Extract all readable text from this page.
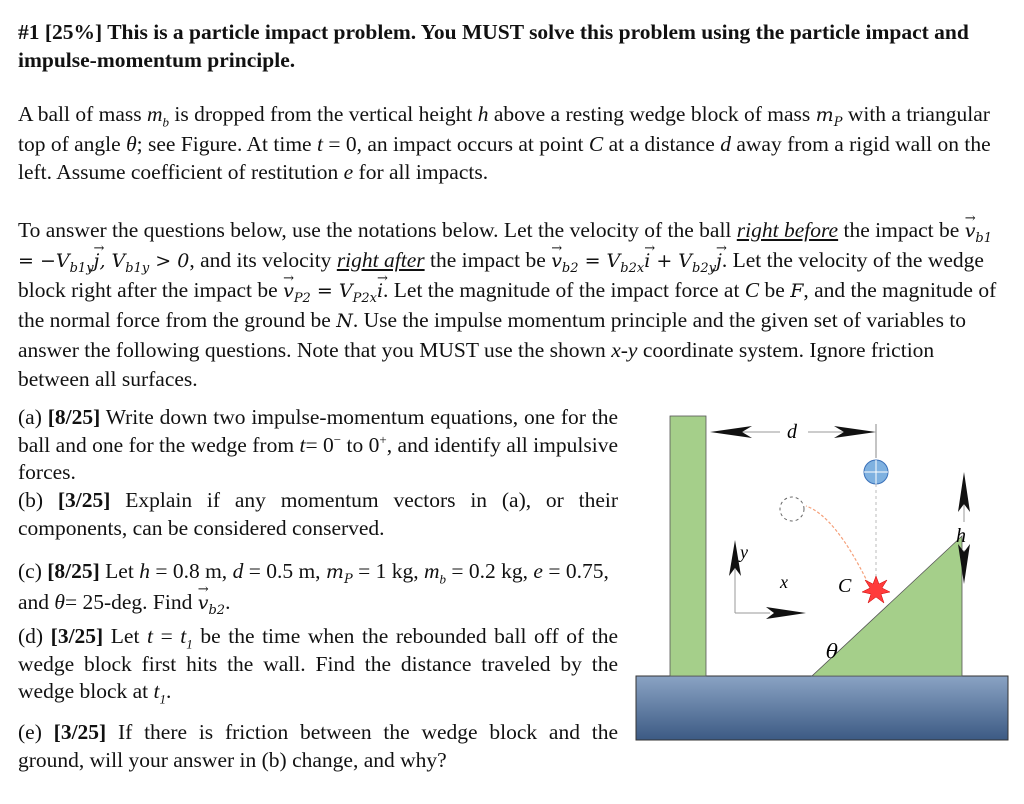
#1 [25%] This is a particle impact problem. You MUST solve this problem using the particle impact and impulse-momentum principle.
A ball of mass $m_b$ is dropped from the vertical height h above a resting wedge block of mass $m_P$ with a triangular top of angle θ; see Figure. At time t = 0, an impact occurs at point C at a distance d away from a rigid wall on the left. Assume coefficient of restitution e for all impacts.
To answer the questions below, use the notations below. Let the velocity of the ball right before the impact be → $v_{b1} = -V_{b1y}\to j$, $V_{b1y} > 0$, and its velocity right after the impact be → $v_{b2} = V_{b2x}\to i + V_{b2y}\to j$. Let the velocity of the wedge block right after the impact be → $v_{P2} = V_{P2x}\to i$. Let the magnitude of the impact force at C be F, and the magnitude of the normal force from the ground be N. Use the impulse momentum principle and the given set of variables to answer the following questions. Note that you MUST use the shown x-y coordinate system. Ignore friction between all surfaces.
(a) [8/25] Write down two impulse-momentum equations, one for the ball and one for the wedge from t= 0− to 0+, and identify all impulsive forces.
(b) [3/25] Explain if any momentum vectors in (a), or their components, can be considered conserved.
(c) [8/25] Let h = 0.8 m, d = 0.5 m, $m_P = 1$ kg, $m_b = 0.2$ kg, e = 0.75, and θ= 25-deg. Find → $v_{b2}$.
(d) [3/25] Let $t = t_1$ be the time when the rebounded ball off of the wedge block first hits the wall. Find the distance traveled by the wedge block at $t_1$.
(e) [3/25] If there is friction between the wedge block and the ground, will your answer in (b) change, and why?
d
C
h
y
x
θ
